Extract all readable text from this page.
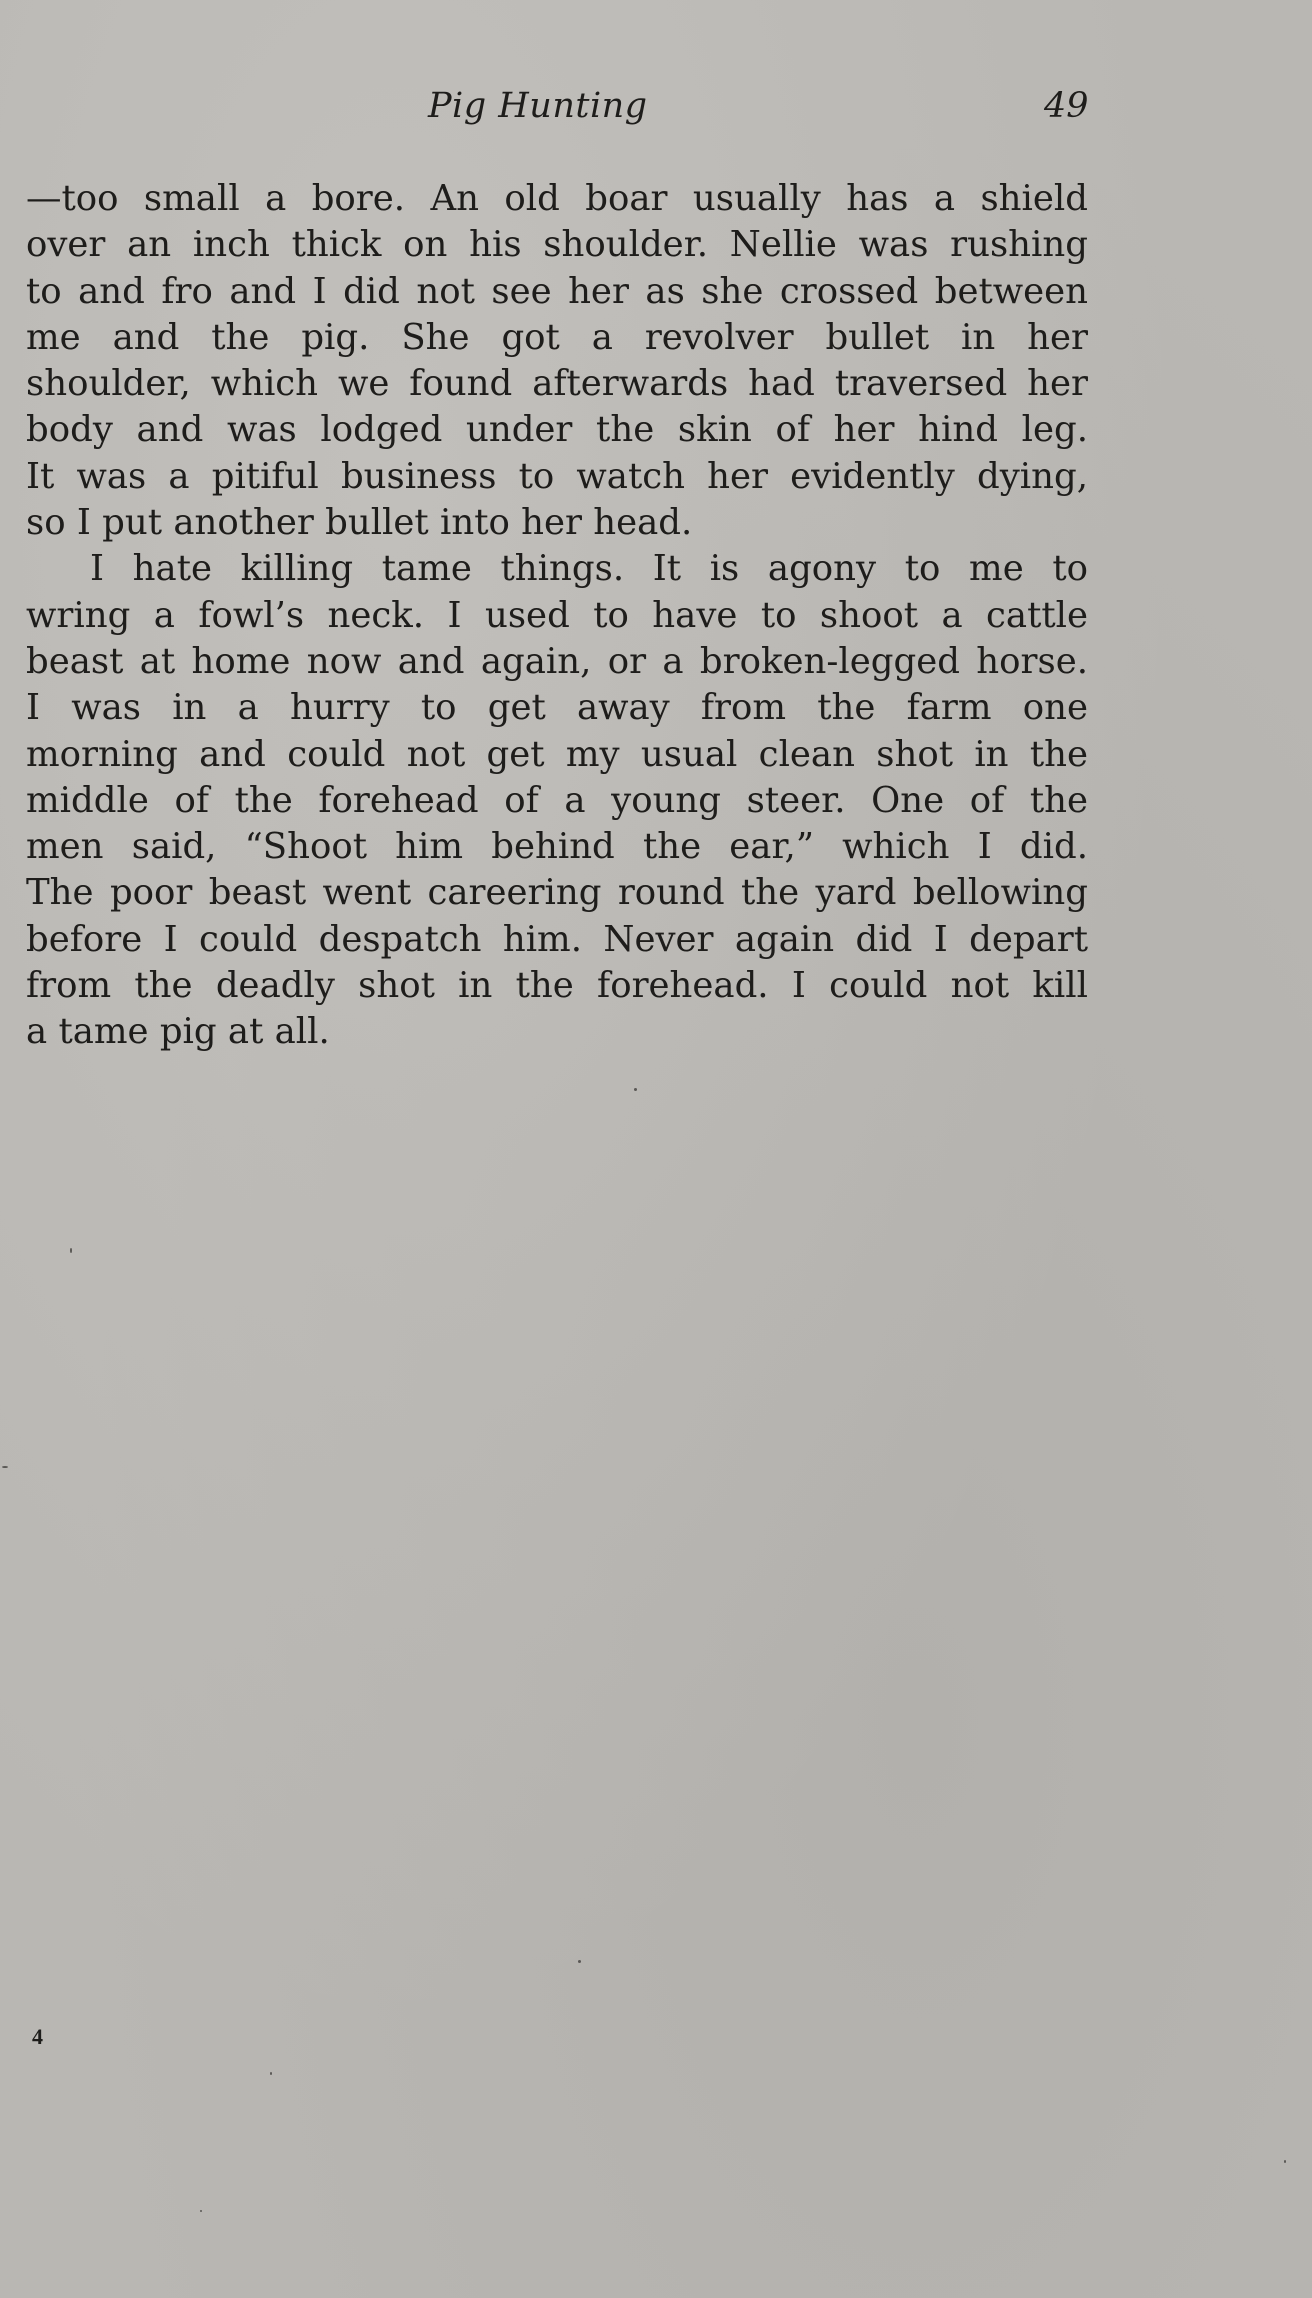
Pig Hunting	49
—too small a bore. An old boar usually has a shield
over an inch thick on his shoulder. Nellie was rushing
to and fro and I did not see her as she crossed between
me and the pig. She got a revolver bullet in her
shoulder, which we found afterwards had traversed her
body and was lodged under the skin of her hind leg.
It was a pitiful business to watch her evidently dying,
so I put another bullet into her head.
I hate killing tame things. It is agony to me to
wring a fowl’s neck. I used to have to shoot a cattle
beast at home now and again, or a broken-legged horse.
I was in a hurry to get away from the farm one
morning and could not get my usual clean shot in the
middle of the forehead of a young steer. One of the
men said, “Shoot him behind the ear,” which I did.
The poor beast went careering round the yard bellowing
before I could despatch him. Never again did I depart
from the deadly shot in the forehead. I could not kill
a tame pig at all.
4
